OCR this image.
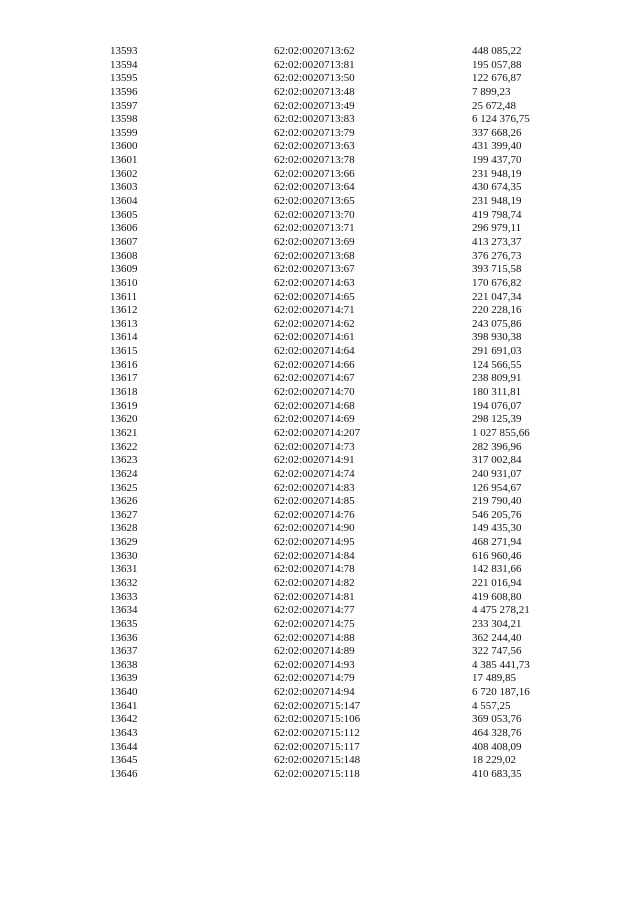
13593	62:02:0020713:62	448 085,22
13594	62:02:0020713:81	195 057,88
13595	62:02:0020713:50	122 676,87
13596	62:02:0020713:48	7 899,23
13597	62:02:0020713:49	25 672,48
13598	62:02:0020713:83	6 124 376,75
13599	62:02:0020713:79	337 668,26
13600	62:02:0020713:63	431 399,40
13601	62:02:0020713:78	199 437,70
13602	62:02:0020713:66	231 948,19
13603	62:02:0020713:64	430 674,35
13604	62:02:0020713:65	231 948,19
13605	62:02:0020713:70	419 798,74
13606	62:02:0020713:71	296 979,11
13607	62:02:0020713:69	413 273,37
13608	62:02:0020713:68	376 276,73
13609	62:02:0020713:67	393 715,58
13610	62:02:0020714:63	170 676,82
13611	62:02:0020714:65	221 047,34
13612	62:02:0020714:71	220 228,16
13613	62:02:0020714:62	243 075,86
13614	62:02:0020714:61	398 930,38
13615	62:02:0020714:64	291 691,03
13616	62:02:0020714:66	124 566,55
13617	62:02:0020714:67	238 809,91
13618	62:02:0020714:70	180 311,81
13619	62:02:0020714:68	194 076,07
13620	62:02:0020714:69	298 125,39
13621	62:02:0020714:207	1 027 855,66
13622	62:02:0020714:73	282 396,96
13623	62:02:0020714:91	317 002,84
13624	62:02:0020714:74	240 931,07
13625	62:02:0020714:83	126 954,67
13626	62:02:0020714:85	219 790,40
13627	62:02:0020714:76	546 205,76
13628	62:02:0020714:90	149 435,30
13629	62:02:0020714:95	468 271,94
13630	62:02:0020714:84	616 960,46
13631	62:02:0020714:78	142 831,66
13632	62:02:0020714:82	221 016,94
13633	62:02:0020714:81	419 608,80
13634	62:02:0020714:77	4 475 278,21
13635	62:02:0020714:75	233 304,21
13636	62:02:0020714:88	362 244,40
13637	62:02:0020714:89	322 747,56
13638	62:02:0020714:93	4 385 441,73
13639	62:02:0020714:79	17 489,85
13640	62:02:0020714:94	6 720 187,16
13641	62:02:0020715:147	4 557,25
13642	62:02:0020715:106	369 053,76
13643	62:02:0020715:112	464 328,76
13644	62:02:0020715:117	408 408,09
13645	62:02:0020715:148	18 229,02
13646	62:02:0020715:118	410 683,35
